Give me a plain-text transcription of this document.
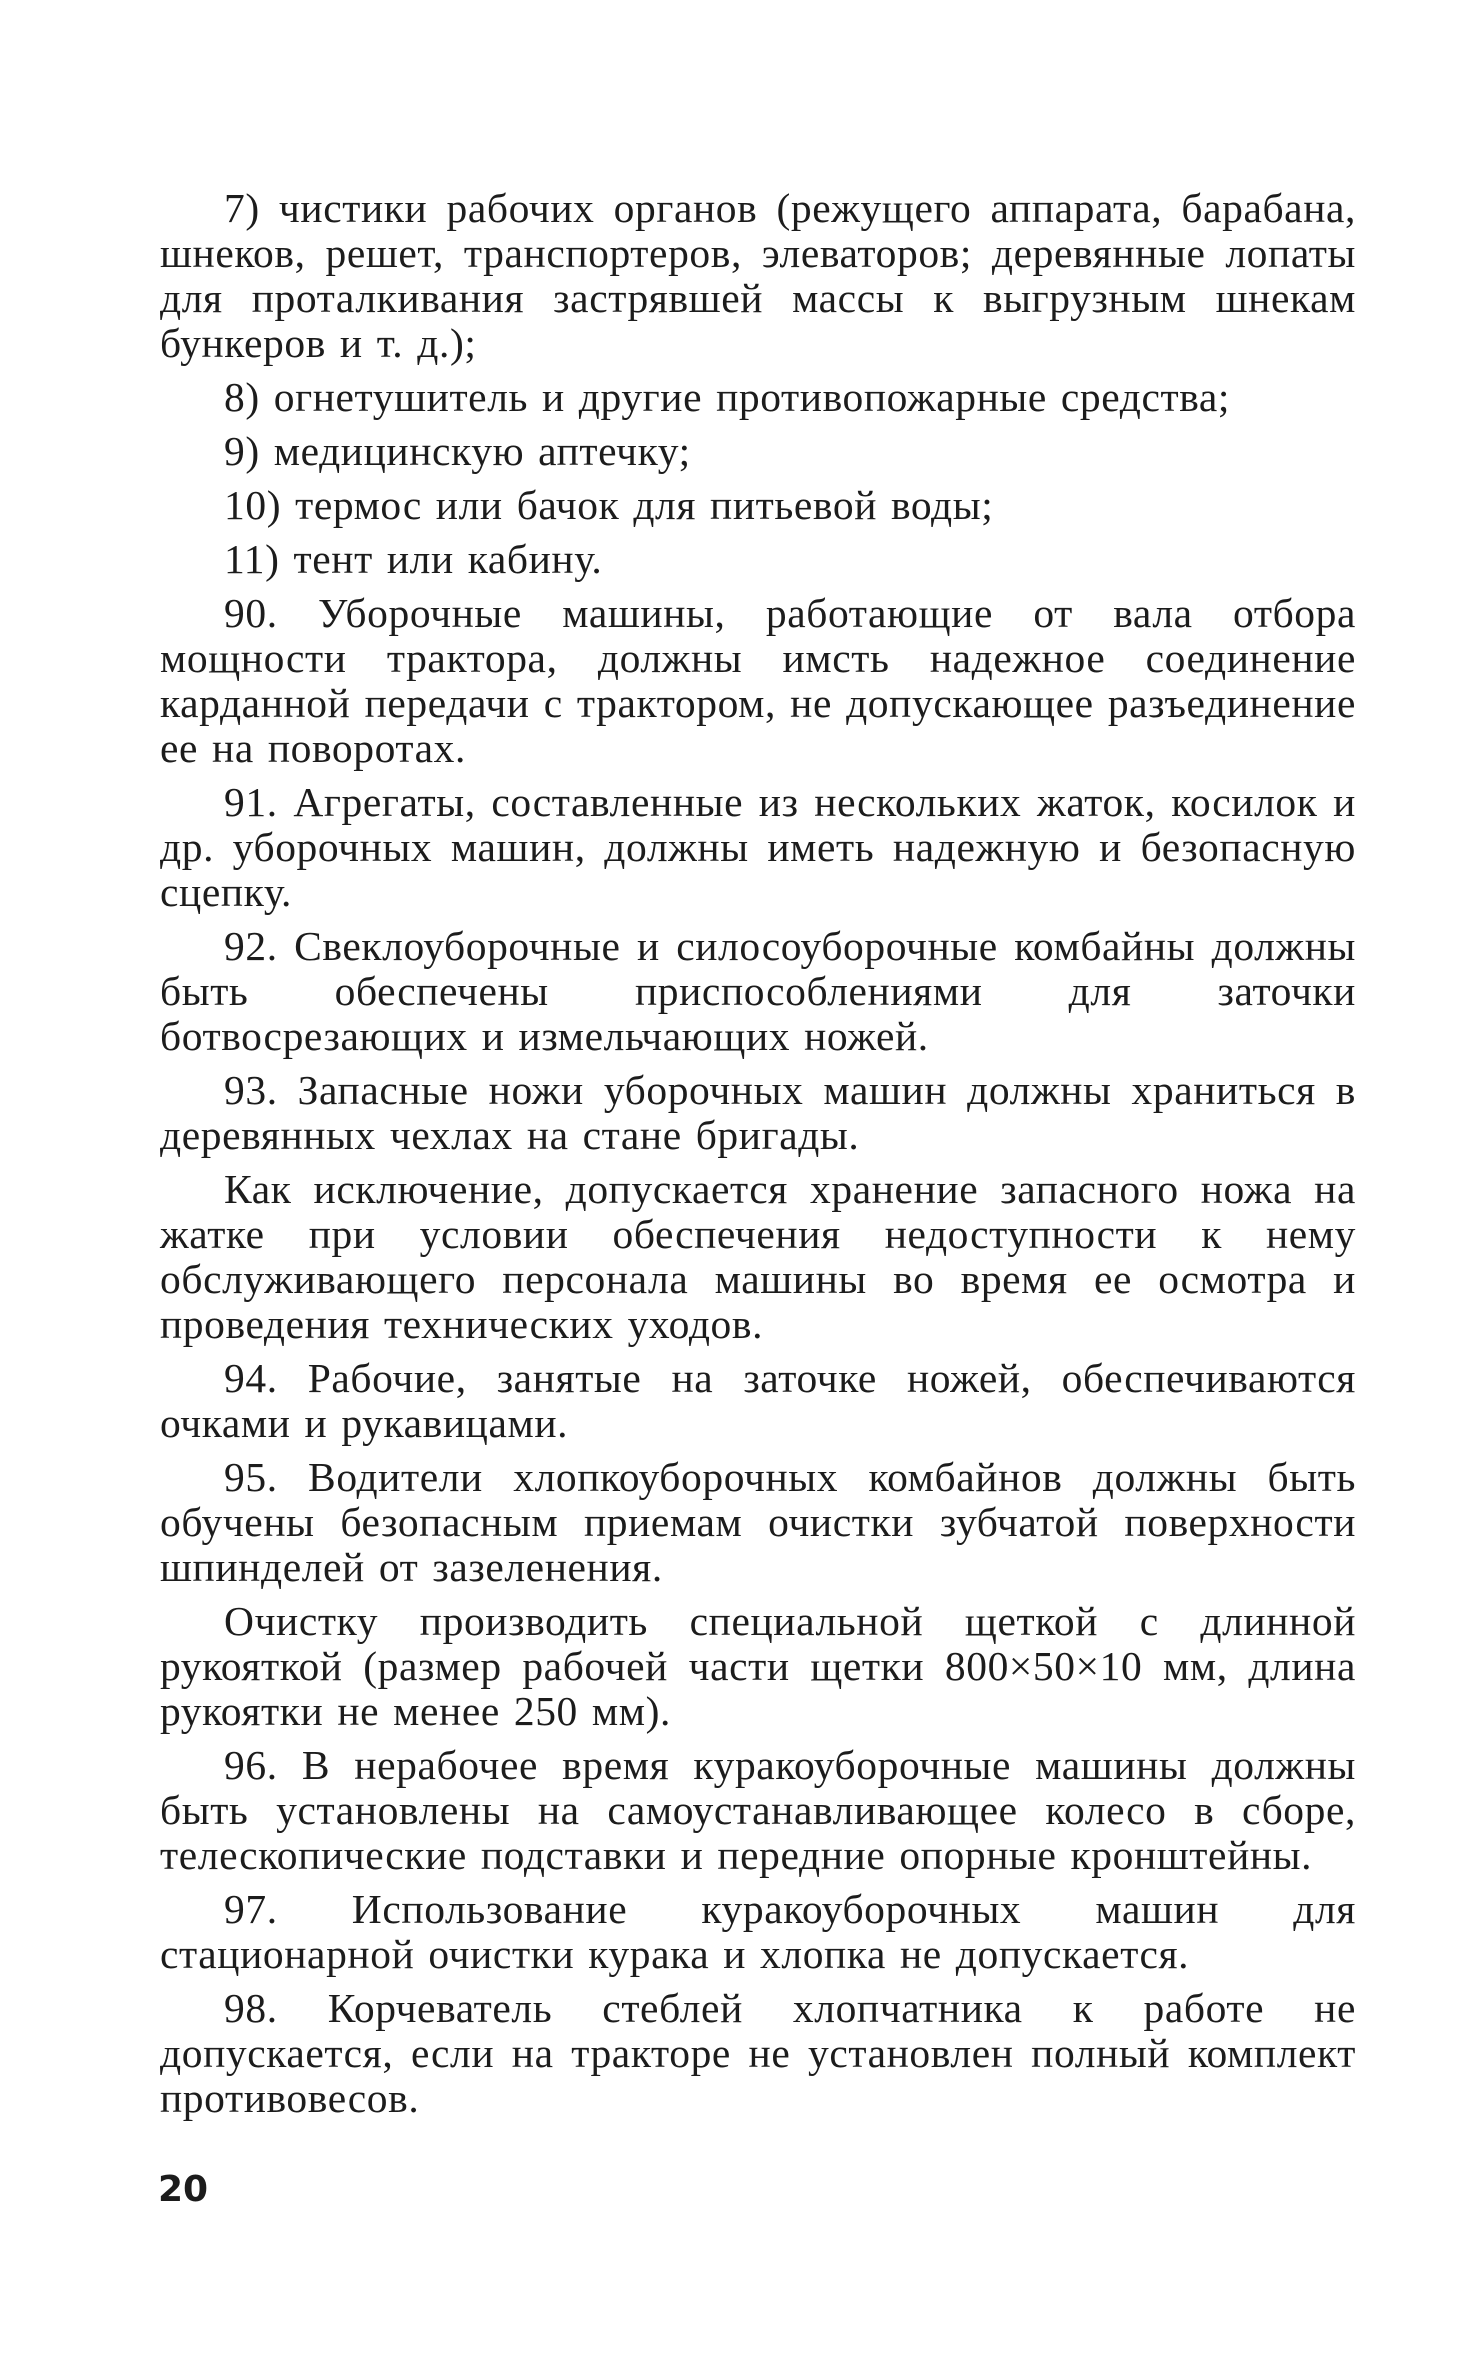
7) чистики рабочих органов (режущего аппарата, барабана, шнеков, решет, транспортеров, элеваторов; деревянные лопаты для проталкивания застрявшей массы к выгрузным шнекам бункеров и т. д.);

8) огнетушитель и другие противопожарные средства;

9) медицинскую аптечку;

10) термос или бачок для питьевой воды;

11) тент или кабину.

90. Уборочные машины, работающие от вала отбора мощности трактора, должны имсть надежное соединение карданной передачи с трактором, не допускающее разъединение ее на поворотах.

91. Агрегаты, составленные из нескольких жаток, косилок и др. уборочных машин, должны иметь надежную и безопасную сцепку.

92. Свеклоуборочные и силосоуборочные комбайны должны быть обеспечены приспособлениями для заточки ботвосрезающих и измельчающих ножей.

93. Запасные ножи уборочных машин должны храниться в деревянных чехлах на стане бригады.

Как исключение, допускается хранение запасного ножа на жатке при условии обеспечения недоступности к нему обслуживающего персонала машины во время ее осмотра и проведения технических уходов.

94. Рабочие, занятые на заточке ножей, обеспечиваются очками и рукавицами.

95. Водители хлопкоуборочных комбайнов должны быть обучены безопасным приемам очистки зубчатой поверхности шпинделей от зазеленения.

Очистку производить специальной щеткой с длинной рукояткой (размер рабочей части щетки 800×50×10 мм, длина рукоятки не менее 250 мм).

96. В нерабочее время куракоуборочные машины должны быть установлены на самоустанавливающее колесо в сборе, телескопические подставки и передние опорные кронштейны.

97. Использование куракоуборочных машин для стационарной очистки курака и хлопка не допускается.

98. Корчеватель стеблей хлопчатника к работе не допускается, если на тракторе не установлен полный комплект противовесов.

20
